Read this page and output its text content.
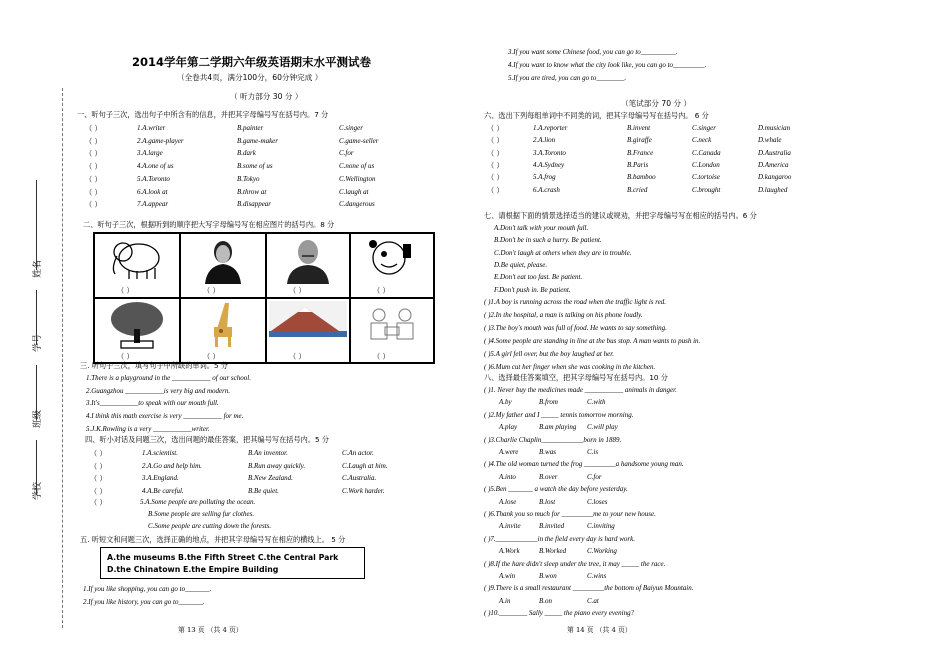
姓名
学号
班级
学校
2014学年第二学期六年级英语期末水平测试卷
（全卷共4页，满分100分，60分钟完成 ）
（ 听力部分 30 分 ）
一、听句子三次，选出句子中所含有的信息，并把其字母编号写在括号内。7 分
（ ）	1.A.writer	B.painter	C.singer
（ ）	2.A.game-player	B.game-maker	C.game-seller
（ ）	3.A.large	B.dark	C.for
（ ）	4.A.one of us	B.some of us	C.none of us
（ ）	5.A.Toronto	B.Tokyo	C.Wellington
（ ）	6.A.look at	B.throw at	C.laugh at
（ ）	7.A.appear	B.disappear	C.dangerous
二、听句子三次，根据听到的顺序把大写字母编号写在相应图片的括号内。8 分
（ ）	（ ）	（ ）	（ ）
（ ）	（ ）	（ ）	（ ）
三. 听句子三次，填写句子中所缺的单词。5 分
1.There is a playground in the ___________ of our school.
2.Guangzhou ___________is very big and modern.
3.It's___________to speak with our mouth full.
4.I think this math exercise is very ___________ for me.
5.J.K.Rowling is a very ___________writer.
四、听小对话及问题三次，选出问题的最佳答案，把其编号写在括号内。5 分
（ ）	1.A.scientist.	B.An inventor.	C.An actor.
（ ）	2.A.Go and help him.	B.Run away quickly.	C.Laugh at him.
（ ）	3.A.England.	B.New Zealand.	C.Australia.
（ ）	4.A.Be careful.	B.Be quiet.	C.Work harder.
（ ）	5.A.Some people are polluting the ocean.
B.Some people are selling fur clothes.
C.Some people are cutting down the forests.
五. 听短文和问题三次，选择正确的地点，并把其字母编号写在相应的横线上。 5 分
A.the museums B.the Fifth Street C.the Central Park
D.the Chinatown E.the Empire Building
1.If you like shopping, you can go to_______.
2.If you like history, you can go to_______.
3.If you want some Chinese food, you can go to__________.
4.If you want to know what the city look like, you can go to_________.
5.If you are tired, you can go to________.
（笔试部分 70 分 ）
六、选出下列每组单词中不同类的词，把其字母编号写在括号内。 6 分
（ ）	1.A.reporter	B.invent	C.singer	D.musician
（ ）	2.A.lion	B.giraffe	C.neck	D.whale
（ ）	3.A.Toronto	B.France	C.Canada	D.Australia
（ ）	4.A.Sydney	B.Paris	C.London	D.America
（ ）	5.A.frog	B.bamboo	C.tortoise	D.kangaroo
（ ）	6.A.crash	B.cried	C.brought	D.laughed
七、请根据下面的情景选择适当的建议或规劝，并把字母编号写在相应的括号内。6 分
A.Don't talk with your mouth full.
B.Don't be in such a hurry. Be patient.
C.Don't laugh at others when they are in trouble.
D.Be quiet, please.
E.Don't eat too fast. Be patient.
F.Don't push in. Be patient.
( )1.A boy is running across the road when the traffic light is red.
( )2.In the hospital, a man is talking on his phone loudly.
( )3.The boy's mouth was full of food. He wants to say something.
( )4.Some people are standing in line at the bus stop. A man wants to push in.
( )5.A girl fell over, but the boy laughed at her.
( )6.Mum cut her finger when she was cooking in the kitchen.
八、选择最佳答案填空，把其字母编号写在括号内。10 分
( )1. Never buy the medicines made ___________ animals in danger.
A.by	B.from	C.with
( )2.My father and I _____ tennis tomorrow morning.
A.play	B.am playing C.will play
( )3.Charlie Chaplin____________born in 1889.
A.were	B.was	C.is
( )4.The old woman turned the frog _________a handsome young man.
A.into	B.over	C.for
( )5.Ben _______ a watch the day before yesterday.
A.lose	B.lost	C.loses
( )6.Thank you so much for _________me to your new house.
A.invite	B.invited	C.inviting
( )7.____________in the field every day is hard work.
A.Work	B.Worked	C.Working
( )8.If the hare didn't sleep under the tree, it may _____ the race.
A.win	B.won	C.wins
( )9.There is a small restaurant _________the bottom of Baiyun Mountain.
A.in	B.on	C.at
( )10.________ Sally _____ the piano every evening?
第 13 页 （共 4 页）	第 14 页 （共 4 页）
